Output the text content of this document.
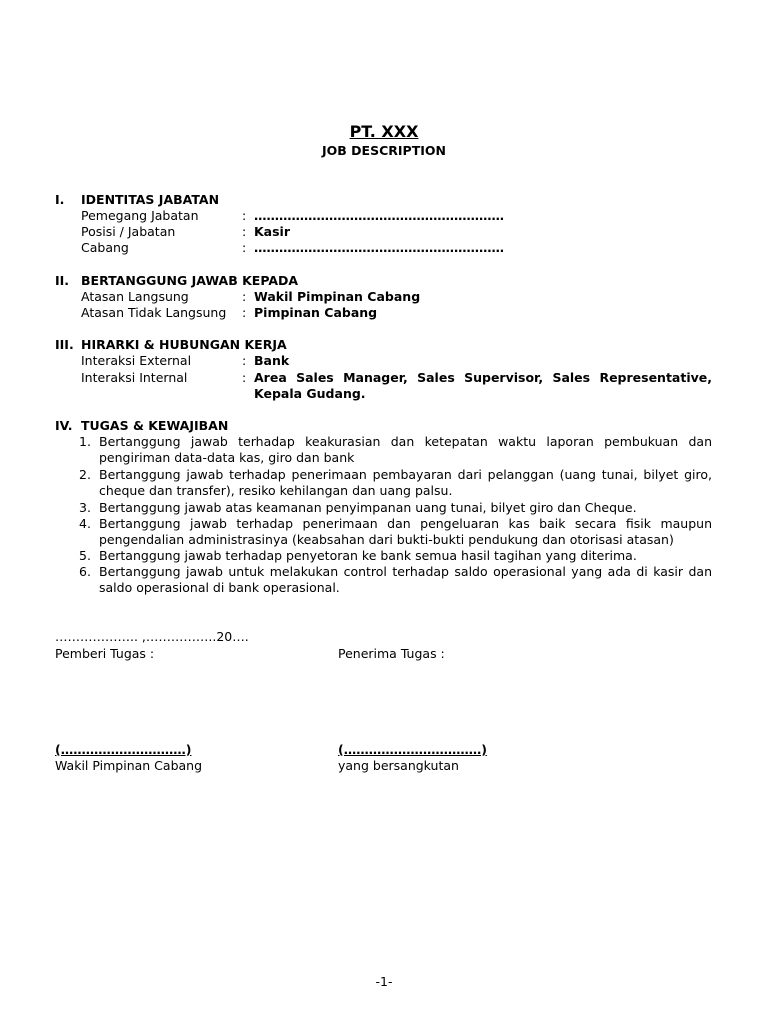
PT. XXX
JOB DESCRIPTION
I. IDENTITAS JABATAN
Pemegang Jabatan	: ……………………………………………………
Posisi / Jabatan	: Kasir
Cabang	: ……………………………………………………
II. BERTANGGUNG JAWAB KEPADA
Atasan Langsung	: Wakil Pimpinan Cabang
Atasan Tidak Langsung : Pimpinan Cabang
III. HIRARKI & HUBUNGAN KERJA
Interaksi External	: Bank
Interaksi Internal	: Area Sales Manager, Sales Supervisor, Sales Representative,
Kepala Gudang.
IV. TUGAS & KEWAJIBAN
1. Bertanggung jawab terhadap keakurasian dan ketepatan waktu laporan pembukuan dan
pengiriman data-data kas, giro dan bank
2. Bertanggung jawab terhadap penerimaan pembayaran dari pelanggan (uang tunai, bilyet giro,
cheque dan transfer), resiko kehilangan dan uang palsu.
3. Bertanggung jawab atas keamanan penyimpanan uang tunai, bilyet giro dan Cheque.
4. Bertanggung jawab terhadap penerimaan dan pengeluaran kas baik secara fisik maupun
pengendalian administrasinya (keabsahan dari bukti-bukti pendukung dan otorisasi atasan)
5. Bertanggung jawab terhadap penyetoran ke bank semua hasil tagihan yang diterima.
6. Bertanggung jawab untuk melakukan control terhadap saldo operasional yang ada di kasir dan
saldo operasional di bank operasional.
……………….. ,……………..20….
Pemberi Tugas :	Penerima Tugas :
(…………………………)	(……………………………)
Wakil Pimpinan Cabang	yang bersangkutan
-1-
